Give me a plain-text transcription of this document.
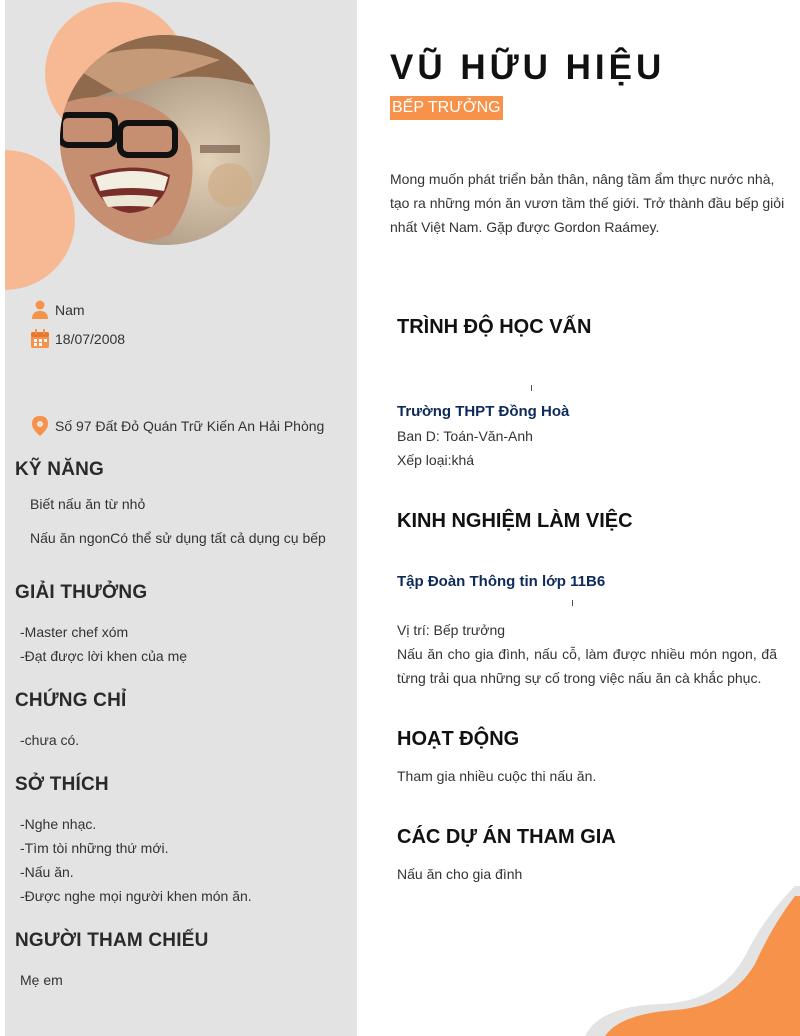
Nam
18/07/2008
Số 97 Đất Đỏ Quán Trữ Kiến An Hải Phòng
KỸ NĂNG
Biết nấu ăn từ nhỏ
Nấu ăn ngonCó thể sử dụng tất cả dụng cụ bếp
GIẢI THƯỞNG
-Master chef xóm
-Đạt được lời khen của mẹ
CHỨNG CHỈ
-chưa có.
SỞ THÍCH
-Nghe nhạc.
-Tìm tòi những thứ mới.
-Nấu ăn.
-Được nghe mọi người khen món ăn.
NGƯỜI THAM CHIẾU
Mẹ em
VŨ HỮU HIỆU
BẾP TRƯỞNG
Mong muốn phát triển bản thân, nâng tầm ẩm thực nước nhà, tạo ra những món ăn vươn tầm thế giới. Trở thành đầu bếp giỏi nhất Việt Nam. Gặp được Gordon Raámey.
TRÌNH ĐỘ HỌC VẤN
Trường THPT Đồng Hoà
Ban D: Toán-Văn-Anh
Xếp loại:khá
KINH NGHIỆM LÀM VIỆC
Tập Đoàn Thông tin lớp 11B6
Vị trí: Bếp trưởng
Nấu ăn cho gia đình, nấu cỗ, làm được nhiều món ngon, đã từng trải qua những sự cố trong việc nấu ăn cà khắc phục.
HOẠT ĐỘNG
Tham gia nhiều cuộc thi nấu ăn.
CÁC DỰ ÁN THAM GIA
Nấu ăn cho gia đình
